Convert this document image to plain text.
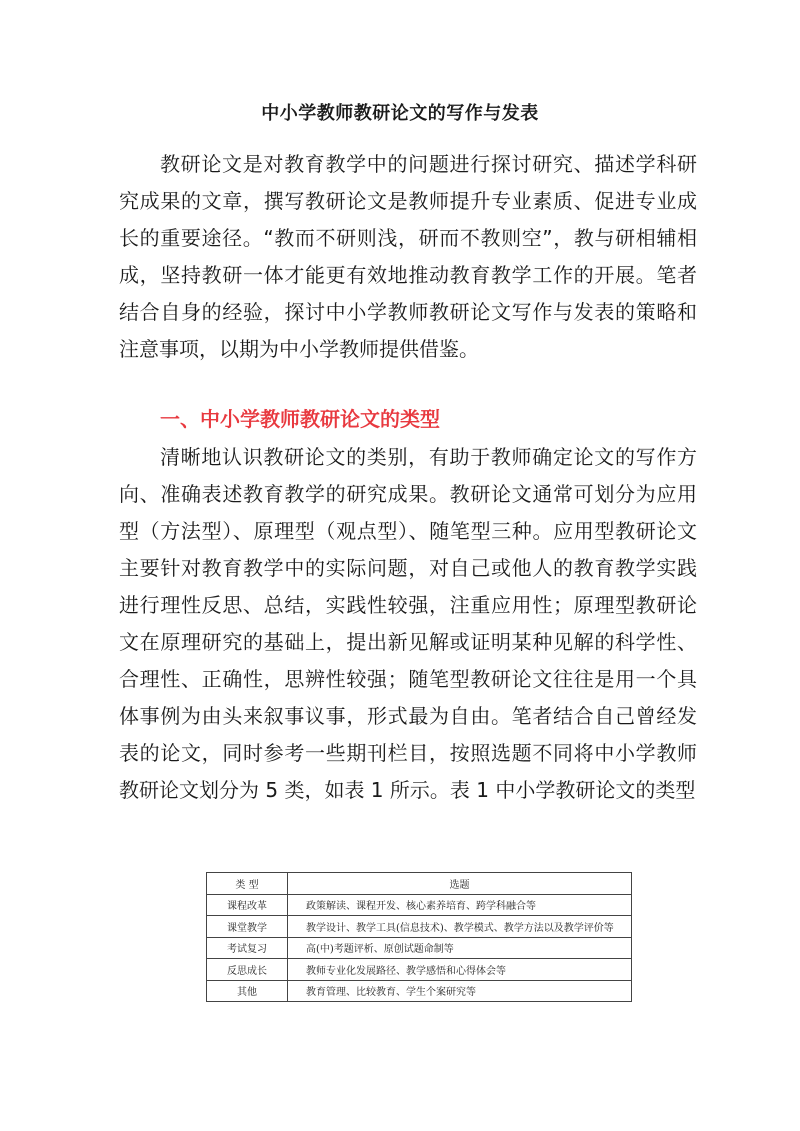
中小学教师教研论文的写作与发表

教研论文是对教育教学中的问题进行探讨研究、描述学科研究成果的文章，撰写教研论文是教师提升专业素质、促进专业成长的重要途径。“教而不研则浅，研而不教则空”，教与研相辅相成，坚持教研一体才能更有效地推动教育教学工作的开展。笔者结合自身的经验，探讨中小学教师教研论文写作与发表的策略和注意事项，以期为中小学教师提供借鉴。

一、中小学教师教研论文的类型

清晰地认识教研论文的类别，有助于教师确定论文的写作方向、准确表述教育教学的研究成果。教研论文通常可划分为应用型（方法型）、原理型（观点型）、随笔型三种。应用型教研论文主要针对教育教学中的实际问题，对自己或他人的教育教学实践进行理性反思、总结，实践性较强，注重应用性；原理型教研论文在原理研究的基础上，提出新见解或证明某种见解的科学性、合理性、正确性，思辨性较强；随笔型教研论文往往是用一个具体事例为由头来叙事议事，形式最为自由。笔者结合自己曾经发表的论文，同时参考一些期刊栏目，按照选题不同将中小学教师教研论文划分为 5 类，如表 1 所示。表 1 中小学教研论文的类型

类 型	选题
课程改革	政策解读、课程开发、核心素养培育、跨学科融合等
课堂教学	教学设计、教学工具(信息技术)、教学模式、教学方法以及教学评价等
考试复习	高(中)考题评析、原创试题命制等
反思成长	教师专业化发展路径、教学感悟和心得体会等
其他	教育管理、比较教育、学生个案研究等
